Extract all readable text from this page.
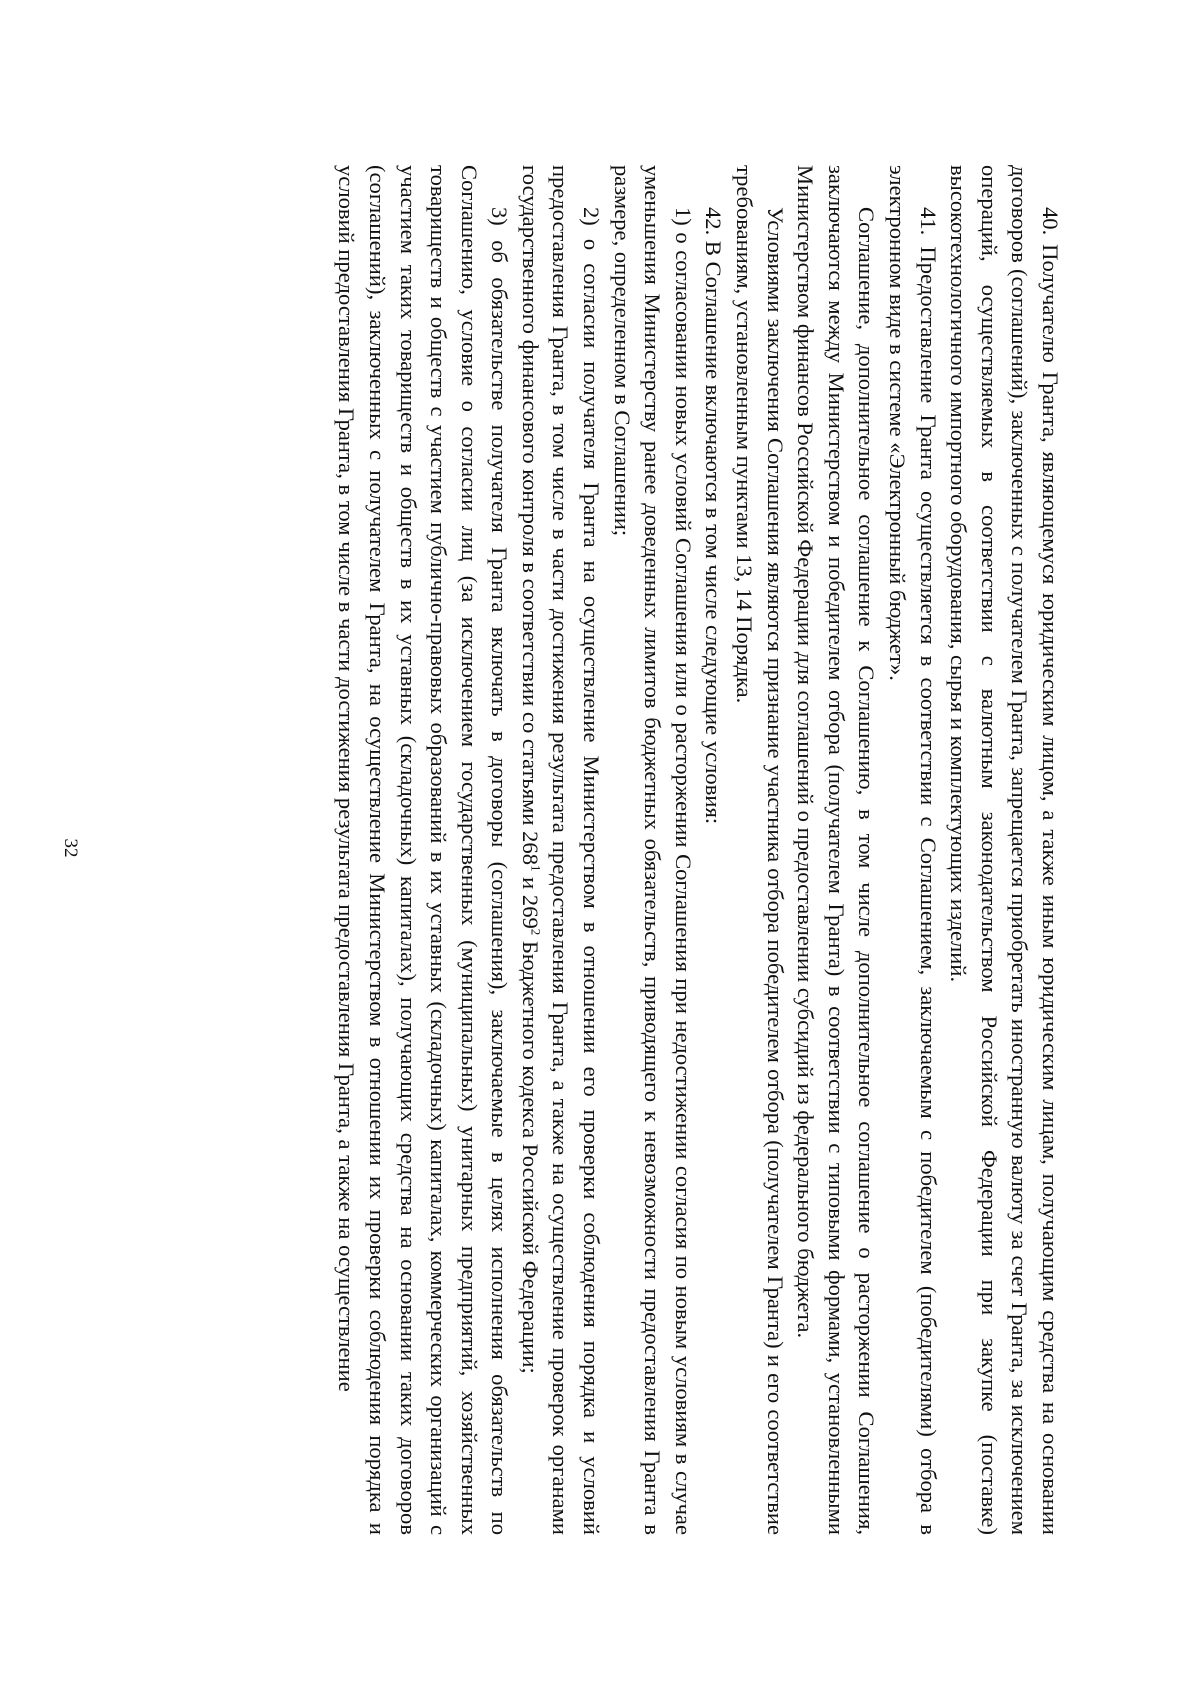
32	40. Получателю Гранта, являющемуся юридическим лицом, а также иным юридическим лицам, получающим средства на основании договоров (соглашений), заключенных с получателем Гранта, запрещается приобретать иностранную валюту за счет Гранта, за исключением операций, осуществляемых в соответствии с валютным законодательством Российской Федерации при закупке (поставке) высокотехнологичного импортного оборудования, сырья и комплектующих изделий.

41. Предоставление Гранта осуществляется в соответствии с Соглашением, заключаемым с победителем (победителями) отбора в электронном виде в системе «Электронный бюджет».

Соглашение, дополнительное соглашение к Соглашению, в том числе дополнительное соглашение о расторжении Соглашения, заключаются между Министерством и победителем отбора (получателем Гранта) в соответствии с типовыми формами, установленными Министерством финансов Российской Федерации для соглашений о предоставлении субсидий из федерального бюджета.

Условиями заключения Соглашения являются признание участника отбора победителем отбора (получателем Гранта) и его соответствие требованиям, установленным пунктами 13, 14 Порядка.

42. В Соглашение включаются в том числе следующие условия:

1) о согласовании новых условий Соглашения или о расторжении Соглашения при недостижении согласия по новым условиям в случае уменьшения Министерству ранее доведенных лимитов бюджетных обязательств, приводящего к невозможности предоставления Гранта в размере, определенном в Соглашении;

2) о согласии получателя Гранта на осуществление Министерством в отношении его проверки соблюдения порядка и условий предоставления Гранта, в том числе в части достижения результата предоставления Гранта, а также на осуществление проверок органами государственного финансового контроля в соответствии со статьями $268^1$ и $269^2$ Бюджетного кодекса Российской Федерации;

3) об обязательстве получателя Гранта включать в договоры (соглашения), заключаемые в целях исполнения обязательств по Соглашению, условие о согласии лиц (за исключением государственных (муниципальных) унитарных предприятий, хозяйственных товариществ и обществ с участием публично-правовых образований в их уставных (складочных) капиталах, коммерческих организаций с участием таких товариществ и обществ в их уставных (складочных) капиталах), получающих средства на основании таких договоров (соглашений), заключенных с получателем Гранта, на осуществление Министерством в отношении их проверки соблюдения порядка и условий предоставления Гранта, в том числе в части достижения результата предоставления Гранта, а также на осуществление
